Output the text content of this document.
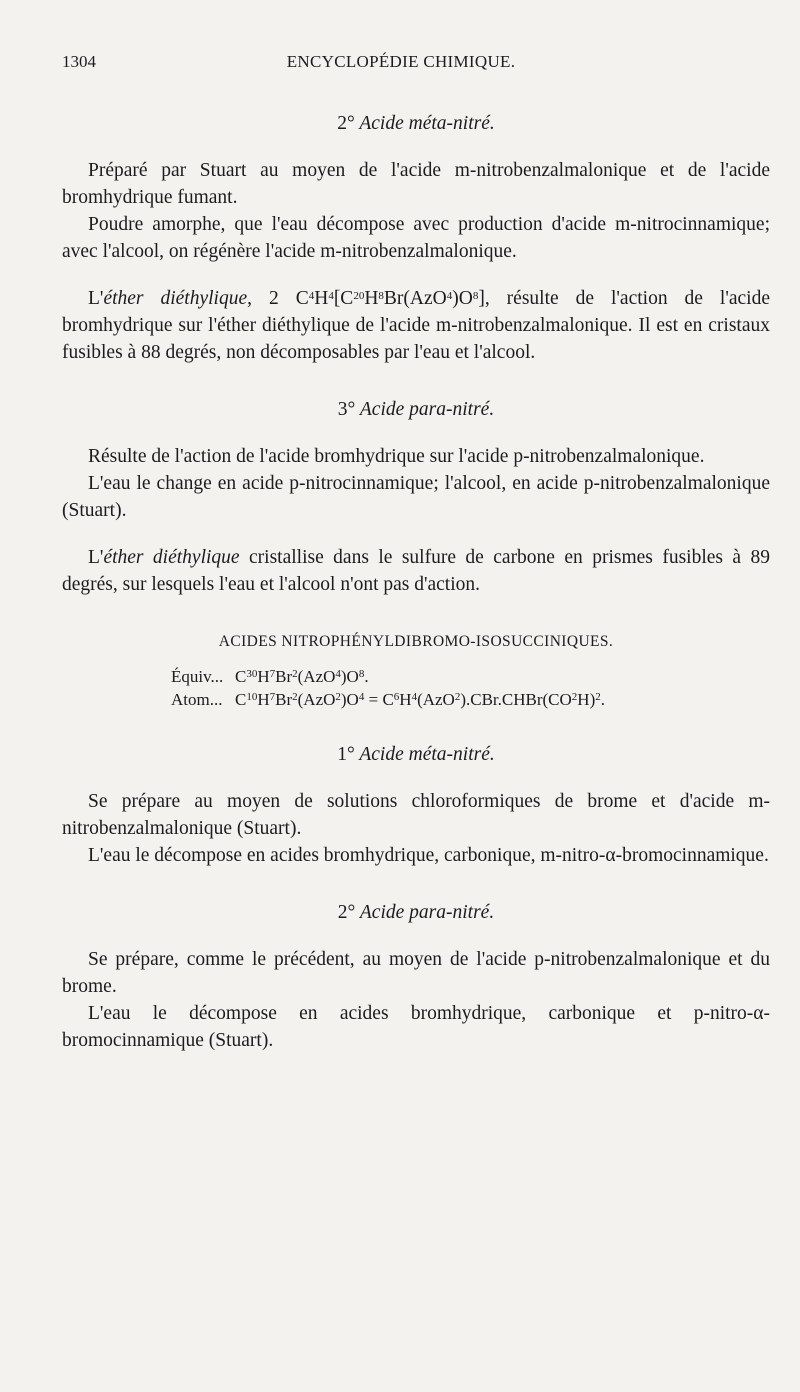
1304	ENCYCLOPÉDIE CHIMIQUE.
2° Acide méta-nitré.

Préparé par Stuart au moyen de l'acide m-nitrobenzalmalonique et de l'acide bromhydrique fumant.

Poudre amorphe, que l'eau décompose avec production d'acide m-nitrocinnamique; avec l'alcool, on régénère l'acide m-nitrobenzalmalonique.

L'éther diéthylique, 2 $C^4H^4[C^{20}H^8Br(AzO^4)O^8]$, résulte de l'action de l'acide bromhydrique sur l'éther diéthylique de l'acide m-nitrobenzalmalonique. Il est en cristaux fusibles à 88 degrés, non décomposables par l'eau et l'alcool.

3° Acide para-nitré.

Résulte de l'action de l'acide bromhydrique sur l'acide p-nitrobenzalmalonique.

L'eau le change en acide p-nitrocinnamique; l'alcool, en acide p-nitrobenzalmalonique (Stuart).

L'éther diéthylique cristallise dans le sulfure de carbone en prismes fusibles à 89 degrés, sur lesquels l'eau et l'alcool n'ont pas d'action.

ACIDES NITROPHÉNYLDIBROMO-ISOSUCCINIQUES.
Équiv... $C^{30}H^7Br^2(AzO^4)O^8$.
Atom... $C^{10}H^7Br^2(AzO^2)O^4$ = $C^6H^4(AzO^2).CBr.CHBr(CO^2H)^2$.
1° Acide méta-nitré.

Se prépare au moyen de solutions chloroformiques de brome et d'acide m-nitrobenzalmalonique (Stuart).

L'eau le décompose en acides bromhydrique, carbonique, m-nitro-α-bromocinnamique.

2° Acide para-nitré.

Se prépare, comme le précédent, au moyen de l'acide p-nitrobenzalmalonique et du brome.

L'eau le décompose en acides bromhydrique, carbonique et p-nitro-α-bromocinnamique (Stuart).
